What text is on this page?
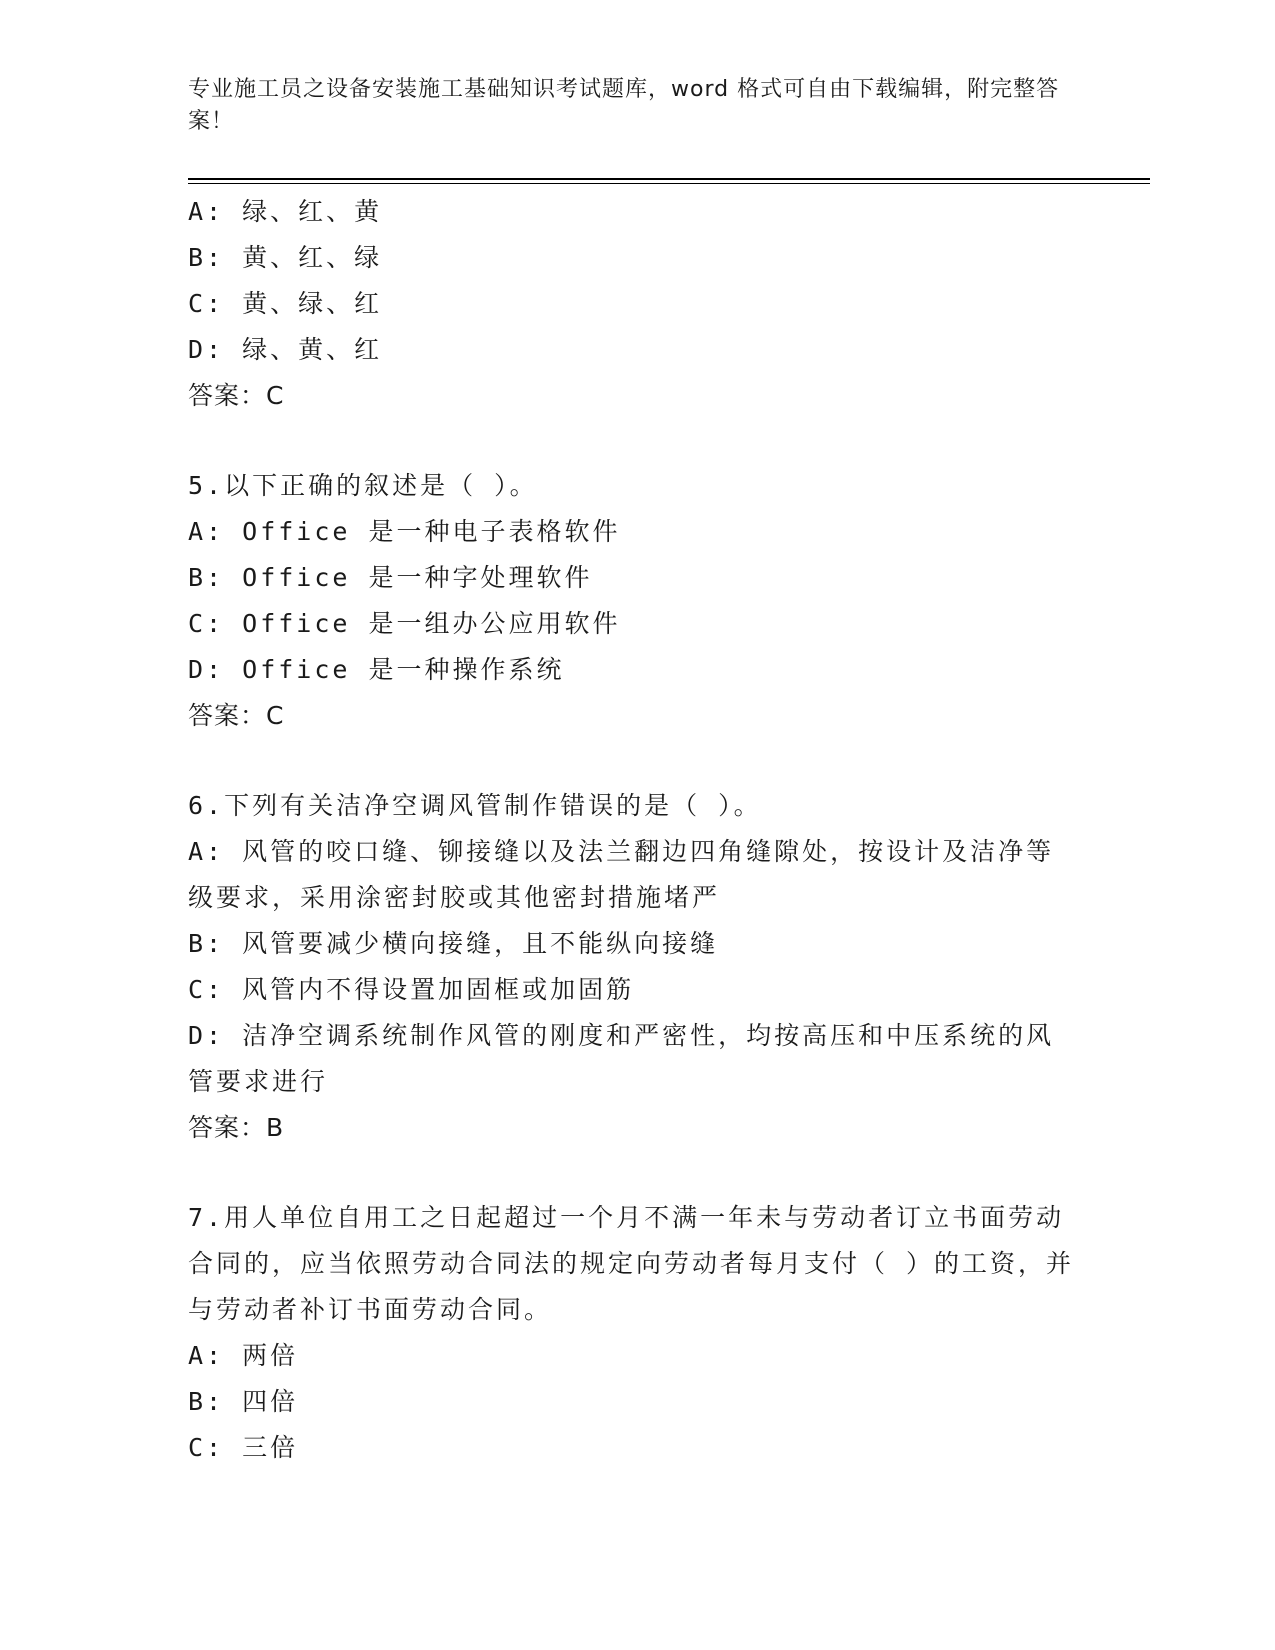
专业施工员之设备安装施工基础知识考试题库，word 格式可自由下载编辑，附完整答案！
A: 绿、红、黄
B: 黄、红、绿
C: 黄、绿、红
D: 绿、黄、红
答案：C
5.以下正确的叙述是（ ）。
A: Office 是一种电子表格软件
B: Office 是一种字处理软件
C: Office 是一组办公应用软件
D: Office 是一种操作系统
答案：C
6.下列有关洁净空调风管制作错误的是（ ）。
A: 风管的咬口缝、铆接缝以及法兰翻边四角缝隙处，按设计及洁净等级要求，采用涂密封胶或其他密封措施堵严
B: 风管要减少横向接缝，且不能纵向接缝
C: 风管内不得设置加固框或加固筋
D: 洁净空调系统制作风管的刚度和严密性，均按高压和中压系统的风管要求进行
答案：B
7.用人单位自用工之日起超过一个月不满一年未与劳动者订立书面劳动合同的，应当依照劳动合同法的规定向劳动者每月支付（ ）的工资，并与劳动者补订书面劳动合同。
A: 两倍
B: 四倍
C: 三倍
